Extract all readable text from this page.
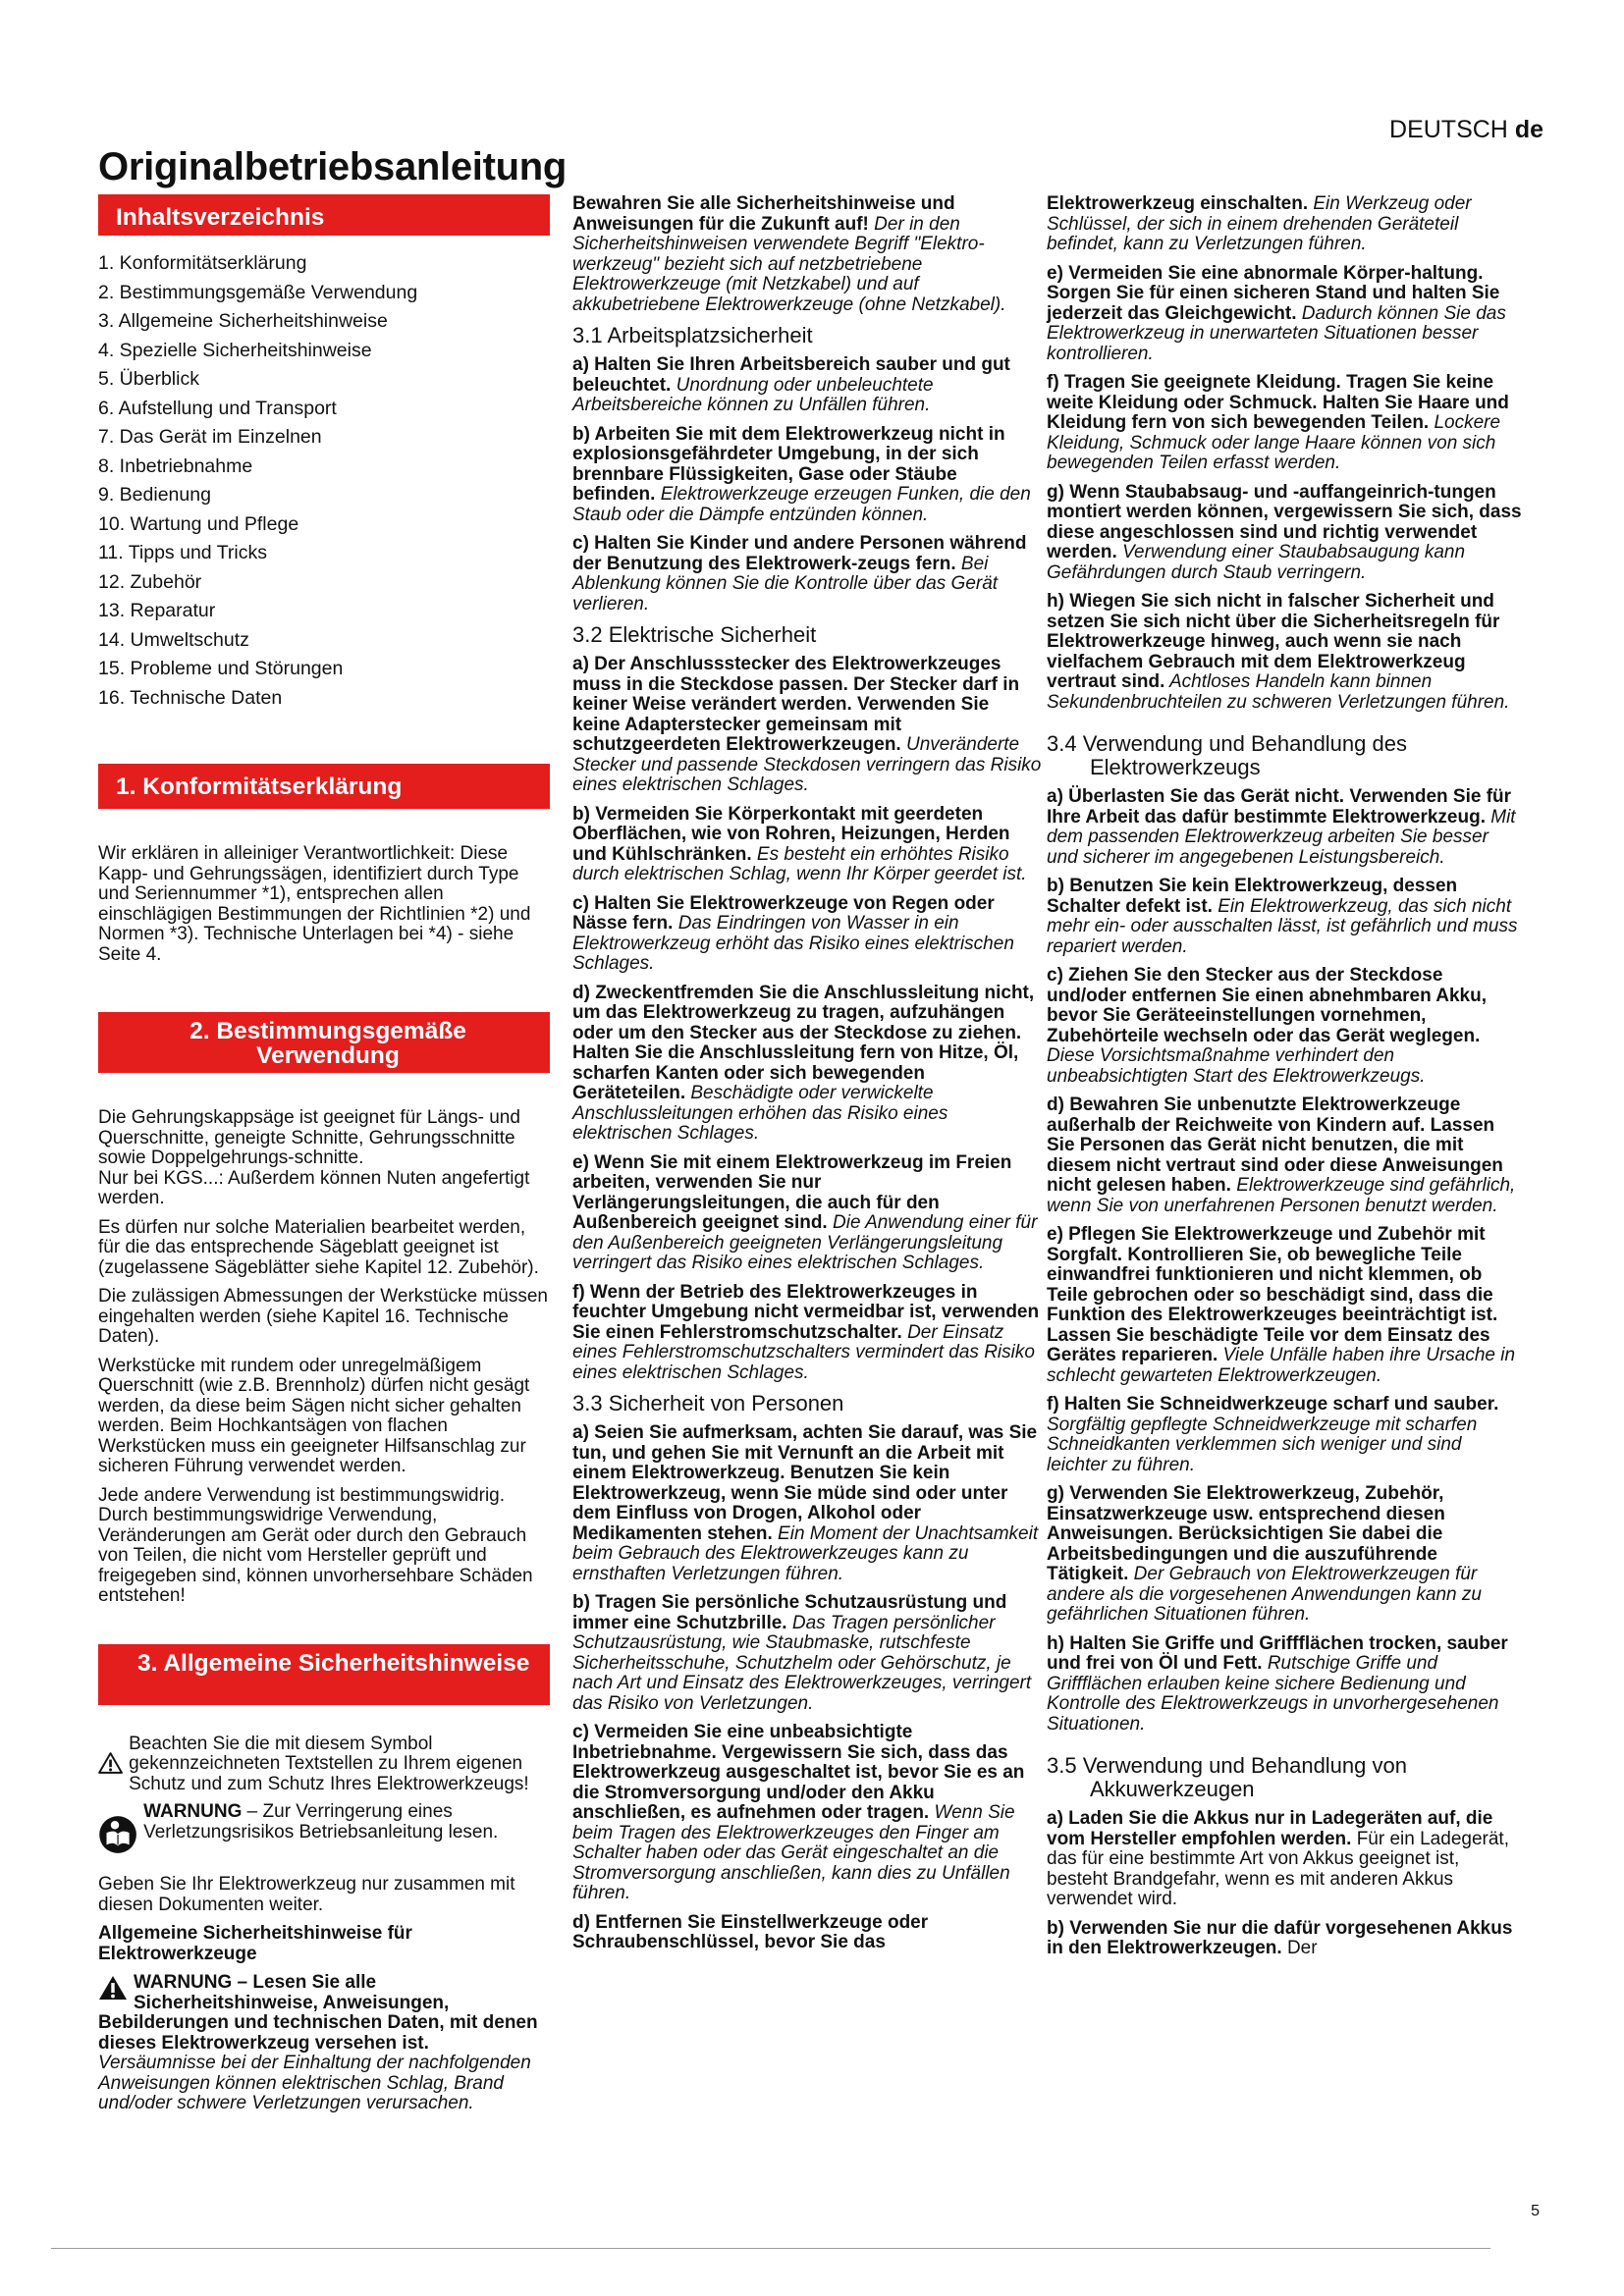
DEUTSCH de
Originalbetriebsanleitung
Inhaltsverzeichnis
1. Konformitätserklärung
2. Bestimmungsgemäße Verwendung
3. Allgemeine Sicherheitshinweise
4. Spezielle Sicherheitshinweise
5. Überblick
6. Aufstellung und Transport
7. Das Gerät im Einzelnen
8. Inbetriebnahme
9. Bedienung
10. Wartung und Pflege
11. Tipps und Tricks
12. Zubehör
13. Reparatur
14. Umweltschutz
15. Probleme und Störungen
16. Technische Daten
1. Konformitätserklärung

Wir erklären in alleiniger Verantwortlichkeit: Diese Kapp- und Gehrungssägen, identifiziert durch Type und Seriennummer *1), entsprechen allen einschlägigen Bestimmungen der Richtlinien *2) und Normen *3). Technische Unterlagen bei *4) - siehe Seite 4.

2. Bestimmungsgemäße Verwendung

Die Gehrungskappsäge ist geeignet für Längs- und Querschnitte, geneigte Schnitte, Gehrungsschnitte sowie Doppelgehrungs-schnitte.

Nur bei KGS...: Außerdem können Nuten angefertigt werden.

Es dürfen nur solche Materialien bearbeitet werden, für die das entsprechende Sägeblatt geeignet ist (zugelassene Sägeblätter siehe Kapitel 12. Zubehör).

Die zulässigen Abmessungen der Werkstücke müssen eingehalten werden (siehe Kapitel 16. Technische Daten).

Werkstücke mit rundem oder unregelmäßigem Querschnitt (wie z.B. Brennholz) dürfen nicht gesägt werden, da diese beim Sägen nicht sicher gehalten werden. Beim Hochkantsägen von flachen Werkstücken muss ein geeigneter Hilfsanschlag zur sicheren Führung verwendet werden.

Jede andere Verwendung ist bestimmungswidrig. Durch bestimmungswidrige Verwendung, Veränderungen am Gerät oder durch den Gebrauch von Teilen, die nicht vom Hersteller geprüft und freigegeben sind, können unvorhersehbare Schäden entstehen!

3. Allgemeine Sicherheitshinweise

Beachten Sie die mit diesem Symbol gekennzeichneten Textstellen zu Ihrem eigenen Schutz und zum Schutz Ihres Elektrowerkzeugs!

WARNUNG – Zur Verringerung eines Verletzungsrisikos Betriebsanleitung lesen.

Geben Sie Ihr Elektrowerkzeug nur zusammen mit diesen Dokumenten weiter.

Allgemeine Sicherheitshinweise für Elektrowerkzeuge

WARNUNG – Lesen Sie alle Sicherheitshinweise, Anweisungen, Bebilderungen und technischen Daten, mit denen dieses Elektrowerkzeug versehen ist. Versäumnisse bei der Einhaltung der nachfolgenden Anweisungen können elektrischen Schlag, Brand und/oder schwere Verletzungen verursachen.

Bewahren Sie alle Sicherheitshinweise und Anweisungen für die Zukunft auf! Der in den Sicherheitshinweisen verwendete Begriff "Elektro-werkzeug" bezieht sich auf netzbetriebene Elektrowerkzeuge (mit Netzkabel) und auf akkubetriebene Elektrowerkzeuge (ohne Netzkabel).

3.1 Arbeitsplatzsicherheit

a) Halten Sie Ihren Arbeitsbereich sauber und gut beleuchtet. Unordnung oder unbeleuchtete Arbeitsbereiche können zu Unfällen führen.

b) Arbeiten Sie mit dem Elektrowerkzeug nicht in explosionsgefährdeter Umgebung, in der sich brennbare Flüssigkeiten, Gase oder Stäube befinden. Elektrowerkzeuge erzeugen Funken, die den Staub oder die Dämpfe entzünden können.

c) Halten Sie Kinder und andere Personen während der Benutzung des Elektrowerk-zeugs fern. Bei Ablenkung können Sie die Kontrolle über das Gerät verlieren.

3.2 Elektrische Sicherheit

a) Der Anschlussstecker des Elektrowerkzeuges muss in die Steckdose passen. Der Stecker darf in keiner Weise verändert werden. Verwenden Sie keine Adapterstecker gemeinsam mit schutzgeerdeten Elektrowerkzeugen. Unveränderte Stecker und passende Steckdosen verringern das Risiko eines elektrischen Schlages.

b) Vermeiden Sie Körperkontakt mit geerdeten Oberflächen, wie von Rohren, Heizungen, Herden und Kühlschränken. Es besteht ein erhöhtes Risiko durch elektrischen Schlag, wenn Ihr Körper geerdet ist.

c) Halten Sie Elektrowerkzeuge von Regen oder Nässe fern. Das Eindringen von Wasser in ein Elektrowerkzeug erhöht das Risiko eines elektrischen Schlages.

d) Zweckentfremden Sie die Anschlussleitung nicht, um das Elektrowerkzeug zu tragen, aufzuhängen oder um den Stecker aus der Steckdose zu ziehen. Halten Sie die Anschlussleitung fern von Hitze, Öl, scharfen Kanten oder sich bewegenden Geräteteilen. Beschädigte oder verwickelte Anschlussleitungen erhöhen das Risiko eines elektrischen Schlages.

e) Wenn Sie mit einem Elektrowerkzeug im Freien arbeiten, verwenden Sie nur Verlängerungsleitungen, die auch für den Außenbereich geeignet sind. Die Anwendung einer für den Außenbereich geeigneten Verlängerungsleitung verringert das Risiko eines elektrischen Schlages.

f) Wenn der Betrieb des Elektrowerkzeuges in feuchter Umgebung nicht vermeidbar ist, verwenden Sie einen Fehlerstromschutzschalter. Der Einsatz eines Fehlerstromschutzschalters vermindert das Risiko eines elektrischen Schlages.

3.3 Sicherheit von Personen

a) Seien Sie aufmerksam, achten Sie darauf, was Sie tun, und gehen Sie mit Vernunft an die Arbeit mit einem Elektrowerkzeug. Benutzen Sie kein Elektrowerkzeug, wenn Sie müde sind oder unter dem Einfluss von Drogen, Alkohol oder Medikamenten stehen. Ein Moment der Unachtsamkeit beim Gebrauch des Elektrowerkzeuges kann zu ernsthaften Verletzungen führen.

b) Tragen Sie persönliche Schutzausrüstung und immer eine Schutzbrille. Das Tragen persönlicher Schutzausrüstung, wie Staubmaske, rutschfeste Sicherheitsschuhe, Schutzhelm oder Gehörschutz, je nach Art und Einsatz des Elektrowerkzeuges, verringert das Risiko von Verletzungen.

c) Vermeiden Sie eine unbeabsichtigte Inbetriebnahme. Vergewissern Sie sich, dass das Elektrowerkzeug ausgeschaltet ist, bevor Sie es an die Stromversorgung und/oder den Akku anschließen, es aufnehmen oder tragen. Wenn Sie beim Tragen des Elektrowerkzeuges den Finger am Schalter haben oder das Gerät eingeschaltet an die Stromversorgung anschließen, kann dies zu Unfällen führen.

d) Entfernen Sie Einstellwerkzeuge oder Schraubenschlüssel, bevor Sie das

Elektrowerkzeug einschalten. Ein Werkzeug oder Schlüssel, der sich in einem drehenden Geräteteil befindet, kann zu Verletzungen führen.

e) Vermeiden Sie eine abnormale Körper-haltung. Sorgen Sie für einen sicheren Stand und halten Sie jederzeit das Gleichgewicht. Dadurch können Sie das Elektrowerkzeug in unerwarteten Situationen besser kontrollieren.

f) Tragen Sie geeignete Kleidung. Tragen Sie keine weite Kleidung oder Schmuck. Halten Sie Haare und Kleidung fern von sich bewegenden Teilen. Lockere Kleidung, Schmuck oder lange Haare können von sich bewegenden Teilen erfasst werden.

g) Wenn Staubabsaug- und -auffangeinrich-tungen montiert werden können, vergewissern Sie sich, dass diese angeschlossen sind und richtig verwendet werden. Verwendung einer Staubabsaugung kann Gefährdungen durch Staub verringern.

h) Wiegen Sie sich nicht in falscher Sicherheit und setzen Sie sich nicht über die Sicherheitsregeln für Elektrowerkzeuge hinweg, auch wenn sie nach vielfachem Gebrauch mit dem Elektrowerkzeug vertraut sind. Achtloses Handeln kann binnen Sekundenbruchteilen zu schweren Verletzungen führen.

3.4 Verwendung und Behandlung des Elektrowerkzeugs

a) Überlasten Sie das Gerät nicht. Verwenden Sie für Ihre Arbeit das dafür bestimmte Elektrowerkzeug. Mit dem passenden Elektrowerkzeug arbeiten Sie besser und sicherer im angegebenen Leistungsbereich.

b) Benutzen Sie kein Elektrowerkzeug, dessen Schalter defekt ist. Ein Elektrowerkzeug, das sich nicht mehr ein- oder ausschalten lässt, ist gefährlich und muss repariert werden.

c) Ziehen Sie den Stecker aus der Steckdose und/oder entfernen Sie einen abnehmbaren Akku, bevor Sie Geräteeinstellungen vornehmen, Zubehörteile wechseln oder das Gerät weglegen. Diese Vorsichtsmaßnahme verhindert den unbeabsichtigten Start des Elektrowerkzeugs.

d) Bewahren Sie unbenutzte Elektrowerkzeuge außerhalb der Reichweite von Kindern auf. Lassen Sie Personen das Gerät nicht benutzen, die mit diesem nicht vertraut sind oder diese Anweisungen nicht gelesen haben. Elektrowerkzeuge sind gefährlich, wenn Sie von unerfahrenen Personen benutzt werden.

e) Pflegen Sie Elektrowerkzeuge und Zubehör mit Sorgfalt. Kontrollieren Sie, ob bewegliche Teile einwandfrei funktionieren und nicht klemmen, ob Teile gebrochen oder so beschädigt sind, dass die Funktion des Elektrowerkzeuges beeinträchtigt ist. Lassen Sie beschädigte Teile vor dem Einsatz des Gerätes reparieren. Viele Unfälle haben ihre Ursache in schlecht gewarteten Elektrowerkzeugen.

f) Halten Sie Schneidwerkzeuge scharf und sauber. Sorgfältig gepflegte Schneidwerkzeuge mit scharfen Schneidkanten verklemmen sich weniger und sind leichter zu führen.

g) Verwenden Sie Elektrowerkzeug, Zubehör, Einsatzwerkzeuge usw. entsprechend diesen Anweisungen. Berücksichtigen Sie dabei die Arbeitsbedingungen und die auszuführende Tätigkeit. Der Gebrauch von Elektrowerkzeugen für andere als die vorgesehenen Anwendungen kann zu gefährlichen Situationen führen.

h) Halten Sie Griffe und Griffflächen trocken, sauber und frei von Öl und Fett. Rutschige Griffe und Griffflächen erlauben keine sichere Bedienung und Kontrolle des Elektrowerkzeugs in unvorhergesehenen Situationen.

3.5 Verwendung und Behandlung von Akkuwerkzeugen

a) Laden Sie die Akkus nur in Ladegeräten auf, die vom Hersteller empfohlen werden. Für ein Ladegerät, das für eine bestimmte Art von Akkus geeignet ist, besteht Brandgefahr, wenn es mit anderen Akkus verwendet wird.

b) Verwenden Sie nur die dafür vorgesehenen Akkus in den Elektrowerkzeugen. Der

5
